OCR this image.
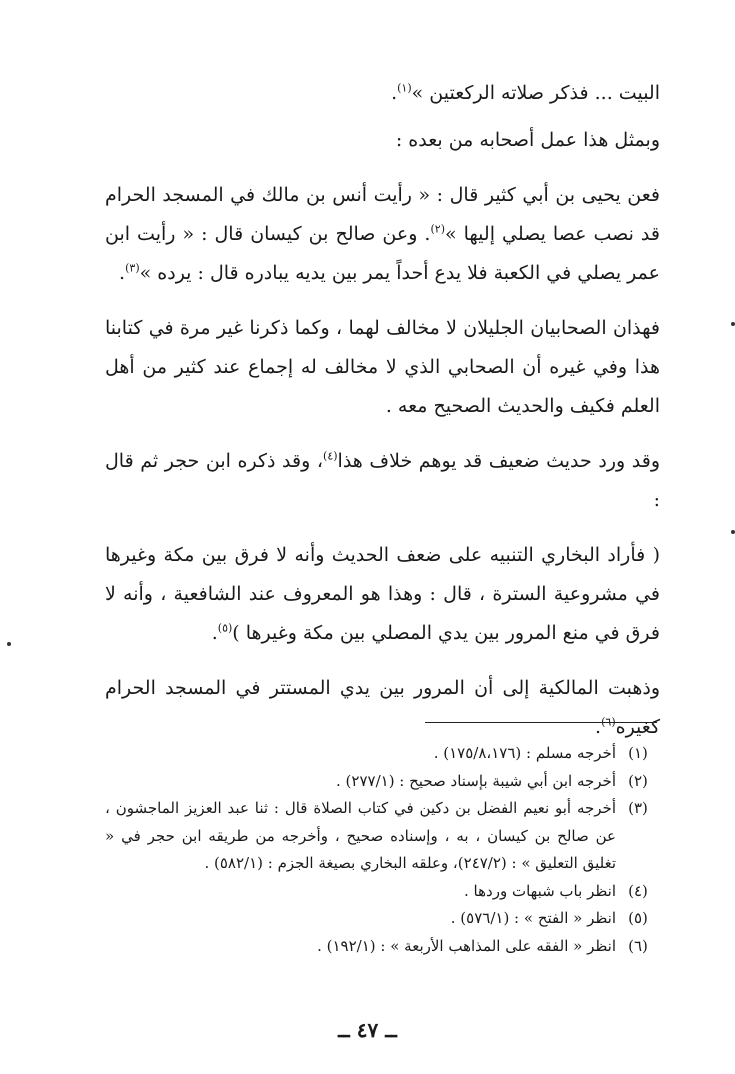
البيت ... فذكر صلاته الركعتين »$^{(١)}$.

وبمثل هذا عمل أصحابه من بعده :

فعن يحيى بن أبي كثير قال : « رأيت أنس بن مالك في المسجد الحرام قد نصب عصا يصلي إليها »$^{(٢)}$. وعن صالح بن كيسان قال : « رأيت ابن عمر يصلي في الكعبة فلا يدع أحداً يمر بين يديه يبادره قال : يرده »$^{(٣)}$.

فهذان الصحابيان الجليلان لا مخالف لهما ، وكما ذكرنا غير مرة في كتابنا هذا وفي غيره أن الصحابي الذي لا مخالف له إجماع عند كثير من أهل العلم فكيف والحديث الصحيح معه .

وقد ورد حديث ضعيف قد يوهم خلاف هذا$^{(٤)}$، وقد ذكره ابن حجر ثم قال :

( فأراد البخاري التنبيه على ضعف الحديث وأنه لا فرق بين مكة وغيرها في مشروعية السترة ، قال : وهذا هو المعروف عند الشافعية ، وأنه لا فرق في منع المرور بين يدي المصلي بين مكة وغيرها )$^{(٥)}$.

وذهبت المالكية إلى أن المرور بين يدي المستتر في المسجد الحرام كغيره$^{(٦)}$.

(١)
أخرجه مسلم : (١٧٥/٨،١٧٦) .
(٢)
أخرجه ابن أبي شيبة بإسناد صحيح : (٢٧٧/١) .
(٣)
أخرجه أبو نعيم الفضل بن دكين في كتاب الصلاة قال : ثنا عبد العزيز الماجشون ، عن صالح بن كيسان ، به ، وإسناده صحيح ، وأخرجه من طريقه ابن حجر في « تغليق التعليق » : (٢٤٧/٢)، وعلقه البخاري بصيغة الجزم : (٥٨٢/١) .
(٤)
انظر باب شبهات وردها .
(٥)
انظر « الفتح » : (٥٧٦/١) .
(٦)
انظر « الفقه على المذاهب الأربعة » : (١٩٢/١) .
ــ ٤٧ ــ
